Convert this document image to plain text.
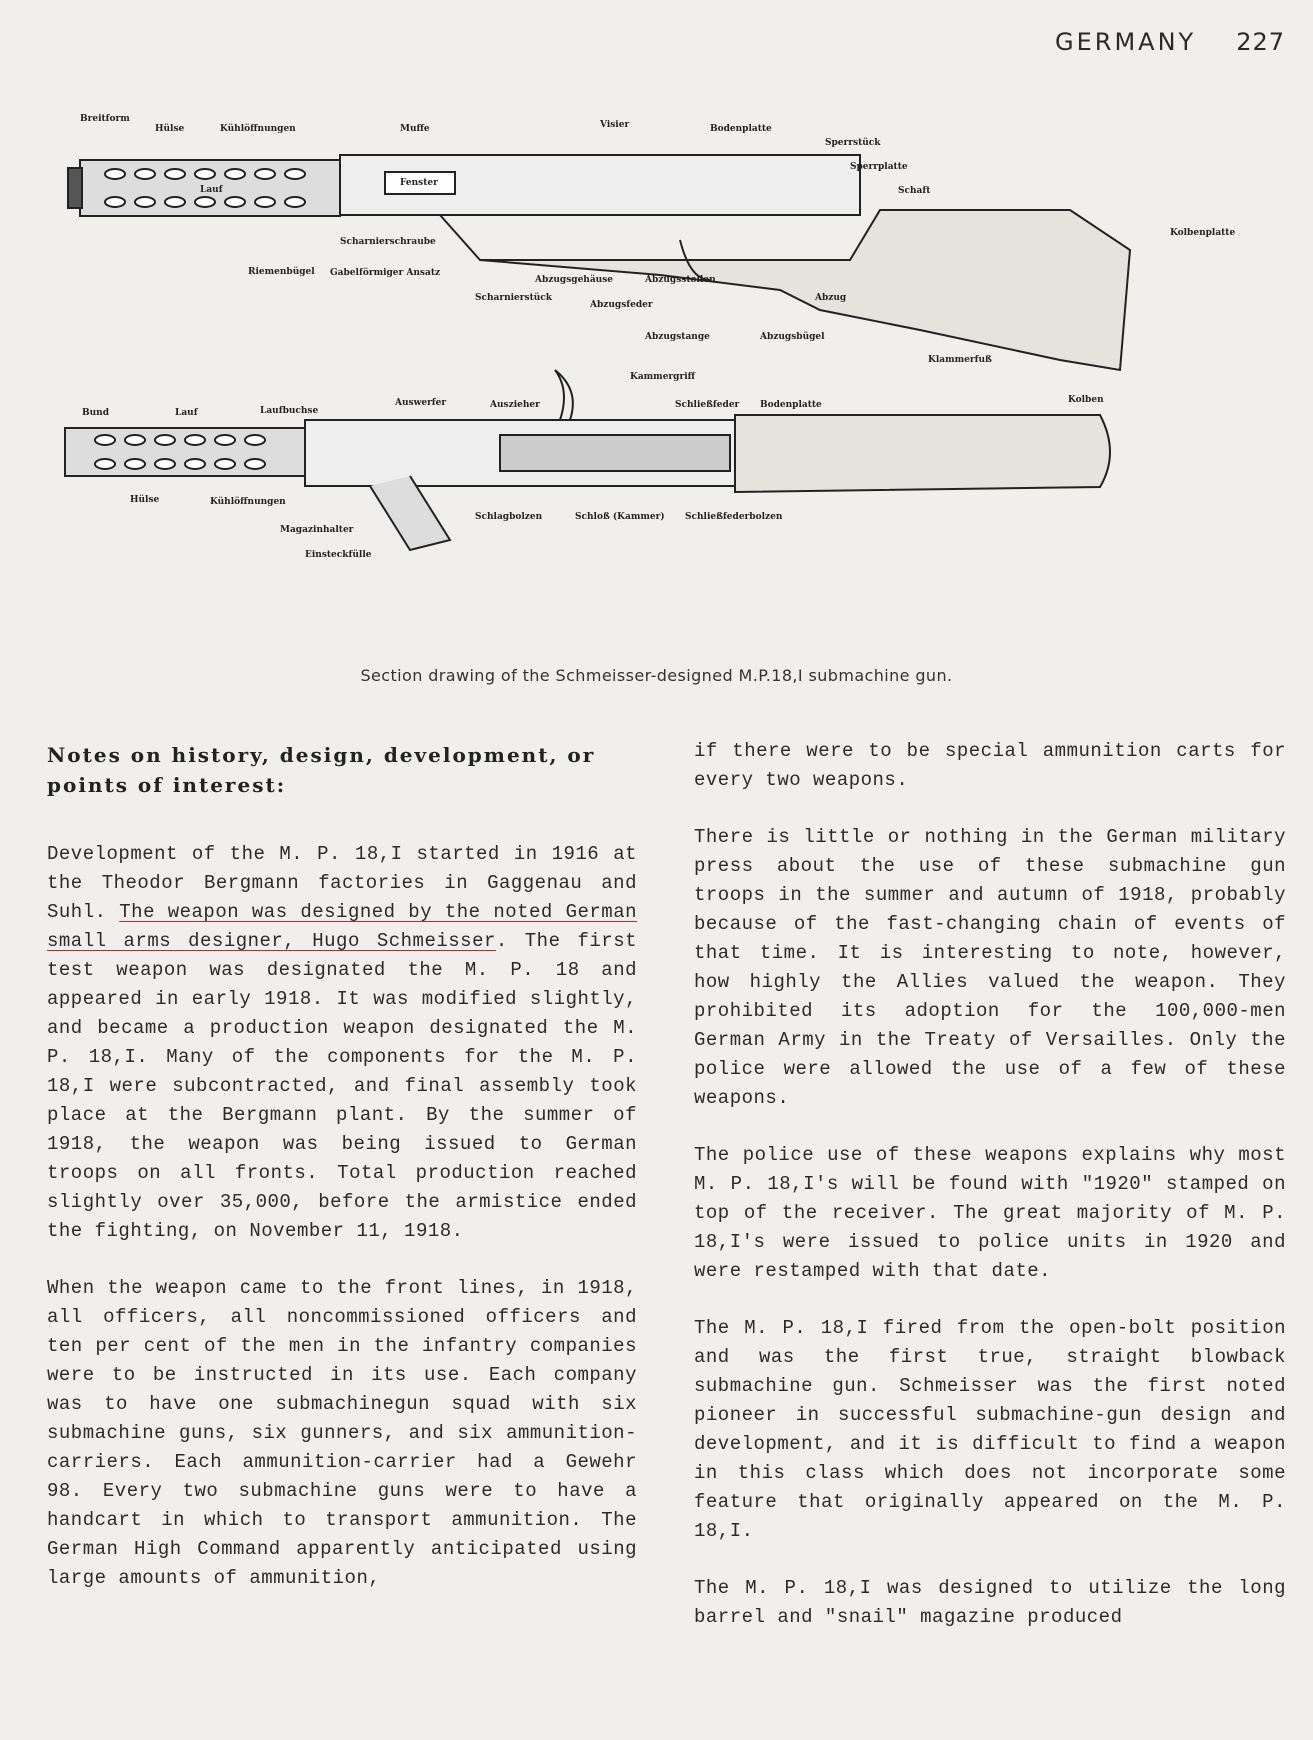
GERMANY 227
Breitform
Hülse	Kühlöffnungen
Lauf
Muffe
Fenster
Visier	Bodenplatte
Sperrstück
Sperrplatte
Schaft
Kolbenplatte
Scharnierschraube
Riemenbügel Gabelförmiger Ansatz
Scharnierstück
Abzugsgehäuse
Abzugsfeder
Abzugsstollen
Abzugstange	Abzugsbügel
Abzug
Klammerfuß
Kolben
Bund	Lauf	Laufbuchse
Auswerfer	Auszieher
Kammergriff
Schließfeder Bodenplatte
Hülse	Kühlöffnungen
Magazinhalter
Einsteckfülle
Schlagbolzen	Schloß (Kammer) Schließfederbolzen
Section drawing of the Schmeisser-designed M.P.18,I submachine gun.
Notes on history, design, development, or points of interest:

Development of the M. P. 18,I started in 1916 at the Theodor Bergmann factories in Gaggenau and Suhl. The weapon was designed by the noted German small arms designer, Hugo Schmeisser. The first test weapon was designated the M. P. 18 and appeared in early 1918. It was modified slightly, and became a production weapon designated the M. P. 18,I. Many of the components for the M. P. 18,I were subcontracted, and final assembly took place at the Bergmann plant. By the summer of 1918, the weapon was being issued to German troops on all fronts. Total production reached slightly over 35,000, before the armistice ended the fighting, on November 11, 1918.

When the weapon came to the front lines, in 1918, all officers, all noncommissioned officers and ten per cent of the men in the infantry companies were to be instructed in its use. Each company was to have one submachinegun squad with six submachine guns, six gunners, and six ammunition-carriers. Each ammunition-carrier had a Gewehr 98. Every two submachine guns were to have a handcart in which to transport ammunition. The German High Command apparently anticipated using large amounts of ammunition,

if there were to be special ammunition carts for every two weapons.

There is little or nothing in the German military press about the use of these submachine gun troops in the summer and autumn of 1918, probably because of the fast-changing chain of events of that time. It is interesting to note, however, how highly the Allies valued the weapon. They prohibited its adoption for the 100,000-men German Army in the Treaty of Versailles. Only the police were allowed the use of a few of these weapons.

The police use of these weapons explains why most M. P. 18,I's will be found with "1920" stamped on top of the receiver. The great majority of M. P. 18,I's were issued to police units in 1920 and were restamped with that date.

The M. P. 18,I fired from the open-bolt position and was the first true, straight blowback submachine gun. Schmeisser was the first noted pioneer in successful submachine-gun design and development, and it is difficult to find a weapon in this class which does not incorporate some feature that originally appeared on the M. P. 18,I.

The M. P. 18,I was designed to utilize the long barrel and "snail" magazine produced
